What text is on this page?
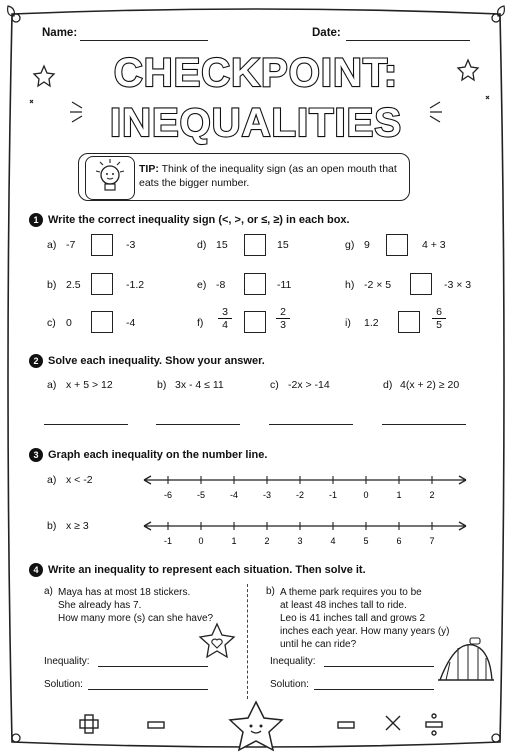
Name:	Date:
CHECKPOINT:
INEQUALITIES
TIP: Think of the inequality sign (as an open mouth that eats the bigger number.
1 Write the correct inequality sign (<, >, or ≤, ≥) in each box.
a) -7	-3	d) 15	15	g) 9	4 + 3
b) 2.5	-1.2	e) -8	-11	h) -2 × 5	-3 × 3
c) 0	-4	$f) \frac{3}{4}$	$\frac{2}{3}$	i) 1.2	$\frac{6}{5}$
2 Solve each inequality. Show your answer.
a) x + 5 > 12	b) 3x - 4 ≤ 11	c) -2x > -14	d) 4(x + 2) ≥ 20
3 Graph each inequality on the number line.
a) x < -2
-6	-5	-4	-3	-2	-1	0	1	2
b) x ≥ 3
-1	0	1	2	3	4	5	6	7
4 Write an inequality to represent each situation. Then solve it.
a) Maya has at most 18 stickers.
She already has 7.
How many more (s) can she have?
b) A theme park requires you to be
at least 48 inches tall to ride.
Leo is 41 inches tall and grows 2
inches each year. How many years (y)
until he can ride?
Inequality:
Solution:
Inequality:
Solution:
